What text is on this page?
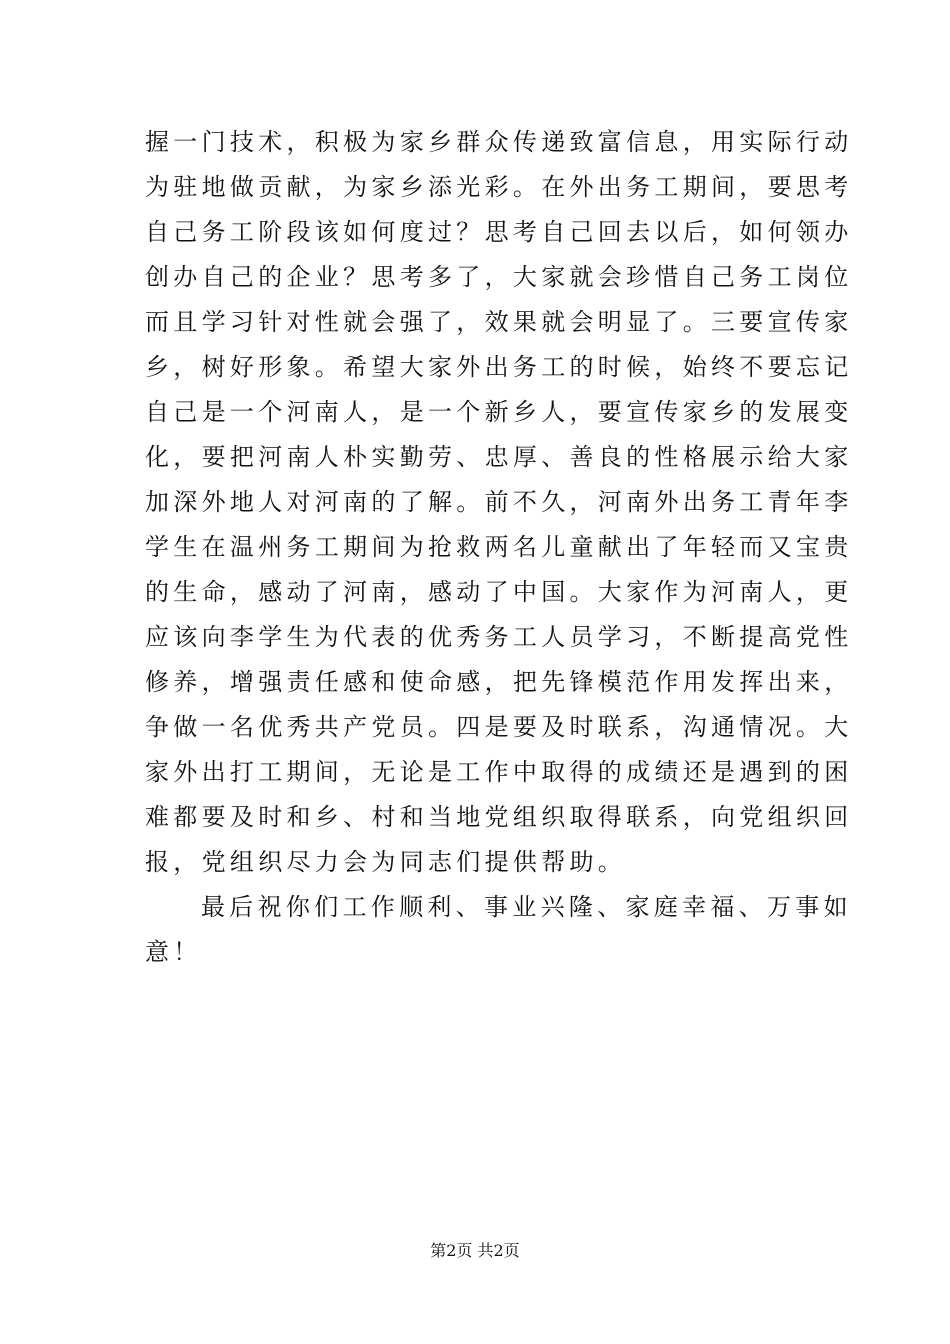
握一门技术，积极为家乡群众传递致富信息，用实际行动
为驻地做贡献，为家乡添光彩。在外出务工期间，要思考
自己务工阶段该如何度过？思考自己回去以后，如何领办
创办自己的企业？思考多了，大家就会珍惜自己务工岗位
而且学习针对性就会强了，效果就会明显了。三要宣传家
乡，树好形象。希望大家外出务工的时候，始终不要忘记
自己是一个河南人，是一个新乡人，要宣传家乡的发展变
化，要把河南人朴实勤劳、忠厚、善良的性格展示给大家
加深外地人对河南的了解。前不久，河南外出务工青年李
学生在温州务工期间为抢救两名儿童献出了年轻而又宝贵
的生命，感动了河南，感动了中国。大家作为河南人，更
应该向李学生为代表的优秀务工人员学习，不断提高党性
修养，增强责任感和使命感，把先锋模范作用发挥出来，
争做一名优秀共产党员。四是要及时联系，沟通情况。大
家外出打工期间，无论是工作中取得的成绩还是遇到的困
难都要及时和乡、村和当地党组织取得联系，向党组织回
报，党组织尽力会为同志们提供帮助。
最后祝你们工作顺利、事业兴隆、家庭幸福、万事如
意！
第2页 共2页
